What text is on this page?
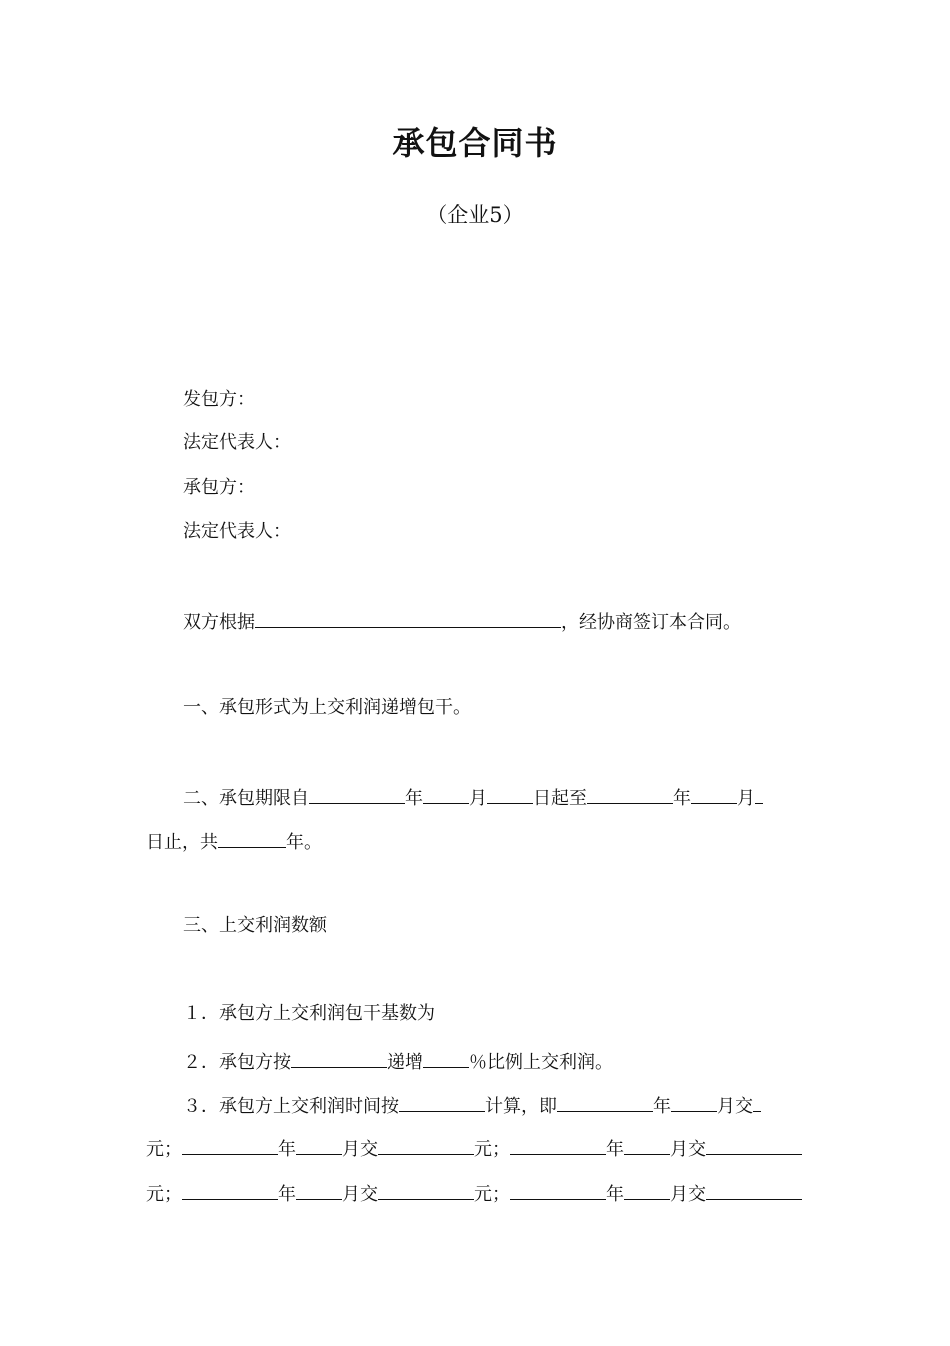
承包合同书
（企业5）
发包方：
法定代表人：
承包方：
法定代表人：
双方根据	，经协商签订本合同。
一、承包形式为上交利润递增包干。
二、承包期限自	年	月	日起至	年	月
日止，共	年。
三、上交利润数额
１．承包方上交利润包干基数为
２．承包方按	递增	％比例上交利润。
３．承包方上交利润时间按	计算，即	年	月交
元；	年	月交	元；	年	月交
元；	年	月交	元；	年	月交
